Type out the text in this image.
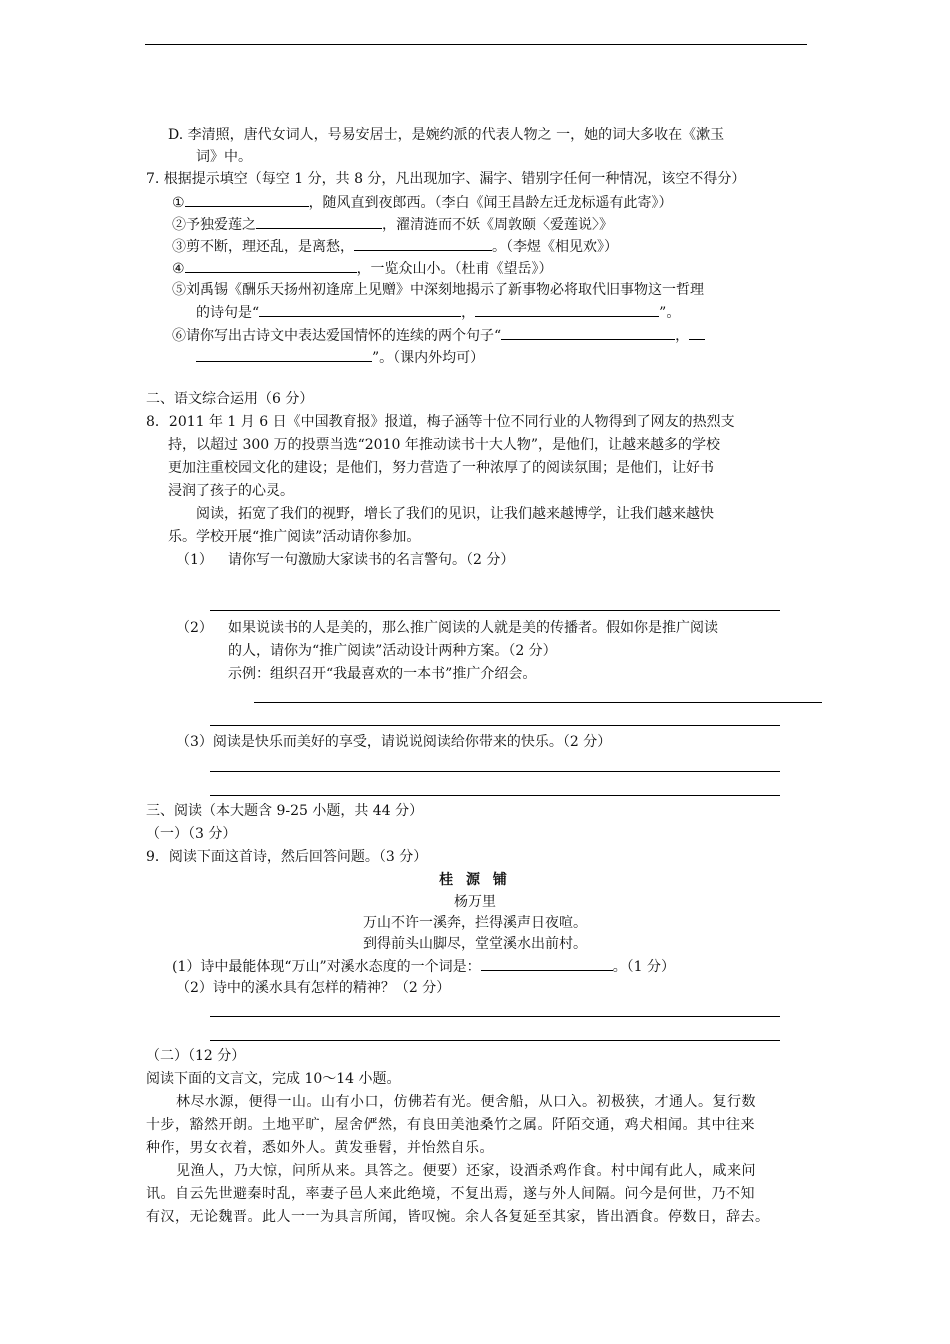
D. 李清照，唐代女词人，号易安居士，是婉约派的代表人物之 一，她的词大多收在《漱玉
词》中。
7. 根据提示填空（每空 1 分，共 8 分，凡出现加字、漏字、错别字任何一种情况，该空不得分）
①	，随风直到夜郎西。（李白《闻王昌龄左迁龙标遥有此寄》）
②予独爱莲之	，濯清涟而不妖《周敦颐〈爱莲说〉》
③剪不断，理还乱，是离愁，	。（李煜《相见欢》）
④	，一览众山小。（杜甫《望岳》）
⑤刘禹锡《酬乐天扬州初逢席上见赠》中深刻地揭示了新事物必将取代旧事物这一哲理
的诗句是“	，	”。
⑥请你写出古诗文中表达爱国情怀的连续的两个句子“	，
”。（课内外均可）
二、语文综合运用（6 分）
8．2011 年 1 月 6 日《中国教育报》报道，梅子涵等十位不同行业的人物得到了网友的热烈支
持，以超过 300 万的投票当选“2010 年推动读书十大人物”，是他们，让越来越多的学校
更加注重校园文化的建设；是他们，努力营造了一种浓厚了的阅读氛围；是他们，让好书
浸润了孩子的心灵。
阅读，拓宽了我们的视野，增长了我们的见识，让我们越来越博学，让我们越来越快
乐。学校开展“推广阅读”活动请你参加。
（1） 请你写一句激励大家读书的名言警句。（2 分）
（2） 如果说读书的人是美的，那么推广阅读的人就是美的传播者。假如你是推广阅读
的人，请你为“推广阅读”活动设计两种方案。（2 分）
示例：组织召开“我最喜欢的一本书”推广介绍会。
（3）阅读是快乐而美好的享受，请说说阅读给你带来的快乐。（2 分）
三、阅读（本大题含 9-25 小题，共 44 分）
（一）（3 分）
9．阅读下面这首诗，然后回答问题。（3 分）
桂 源 铺
杨万里
万山不许一溪奔，拦得溪声日夜喧。
到得前头山脚尽，堂堂溪水出前村。
(1）诗中最能体现“万山”对溪水态度的一个词是：	。（1 分）
（2）诗中的溪水具有怎样的精神？（2 分）
（二）（12 分）
阅读下面的文言文，完成 10～14 小题。
林尽水源，便得一山。山有小口，仿佛若有光。便舍船，从口入。初极狭，才通人。复行数
十步，豁然开朗。土地平旷，屋舍俨然，有良田美池桑竹之属。阡陌交通，鸡犬相闻。其中往来
种作，男女衣着，悉如外人。黄发垂髫，并怡然自乐。
见渔人，乃大惊，问所从来。具答之。便要）还家，设酒杀鸡作食。村中闻有此人，咸来问
讯。自云先世避秦时乱，率妻子邑人来此绝境，不复出焉，遂与外人间隔。问今是何世，乃不知
有汉，无论魏晋。此人一一为具言所闻，皆叹惋。余人各复延至其家，皆出酒食。停数日，辞去。
